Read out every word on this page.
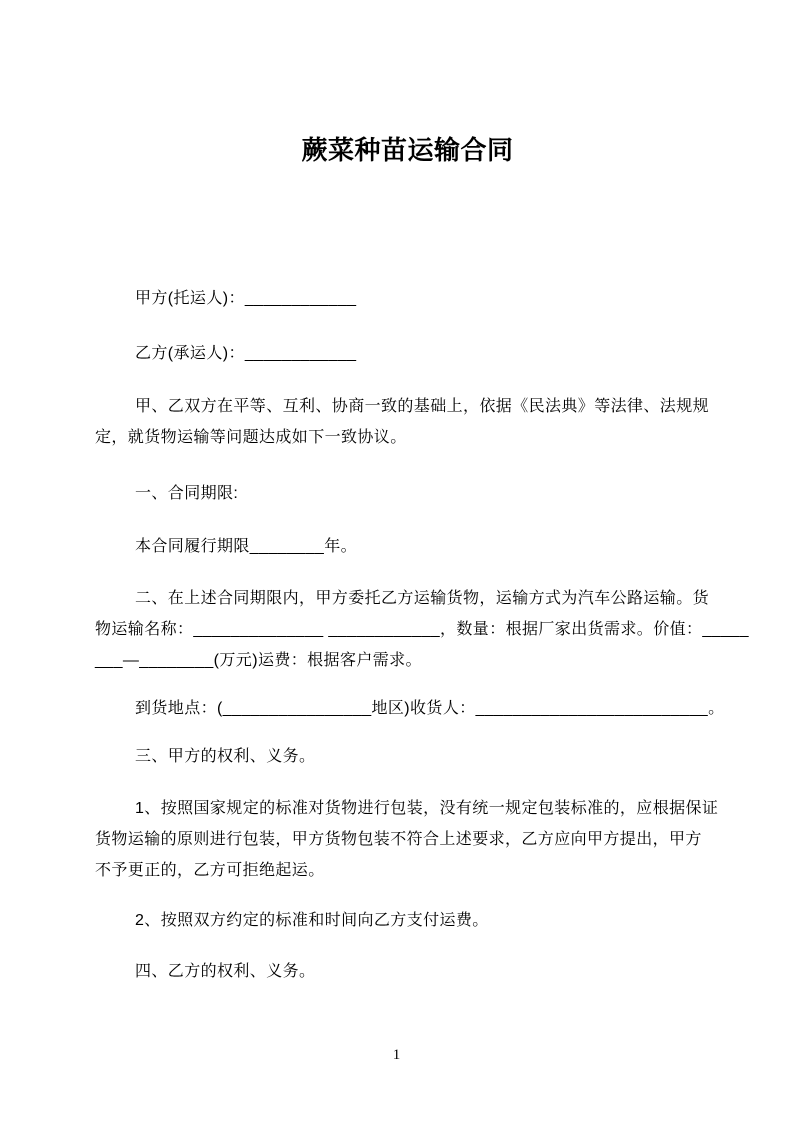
蕨菜种苗运输合同
甲方(托运人)：____________
乙方(承运人)：____________
甲、乙双方在平等、互利、协商一致的基础上，依据《民法典》等法律、法规规
定，就货物运输等问题达成如下一致协议。
一、合同期限:
本合同履行期限________年。
二、在上述合同期限内，甲方委托乙方运输货物，运输方式为汽车公路运输。货
物运输名称：______________ ____________，数量：根据厂家出货需求。价值：_____
___—________(万元)运费：根据客户需求。
到货地点：(________________地区)收货人：_________________________。
三、甲方的权利、义务。
1、按照国家规定的标准对货物进行包装，没有统一规定包装标准的，应根据保证
货物运输的原则进行包装，甲方货物包装不符合上述要求，乙方应向甲方提出，甲方
不予更正的，乙方可拒绝起运。
2、按照双方约定的标准和时间向乙方支付运费。
四、乙方的权利、义务。
1
